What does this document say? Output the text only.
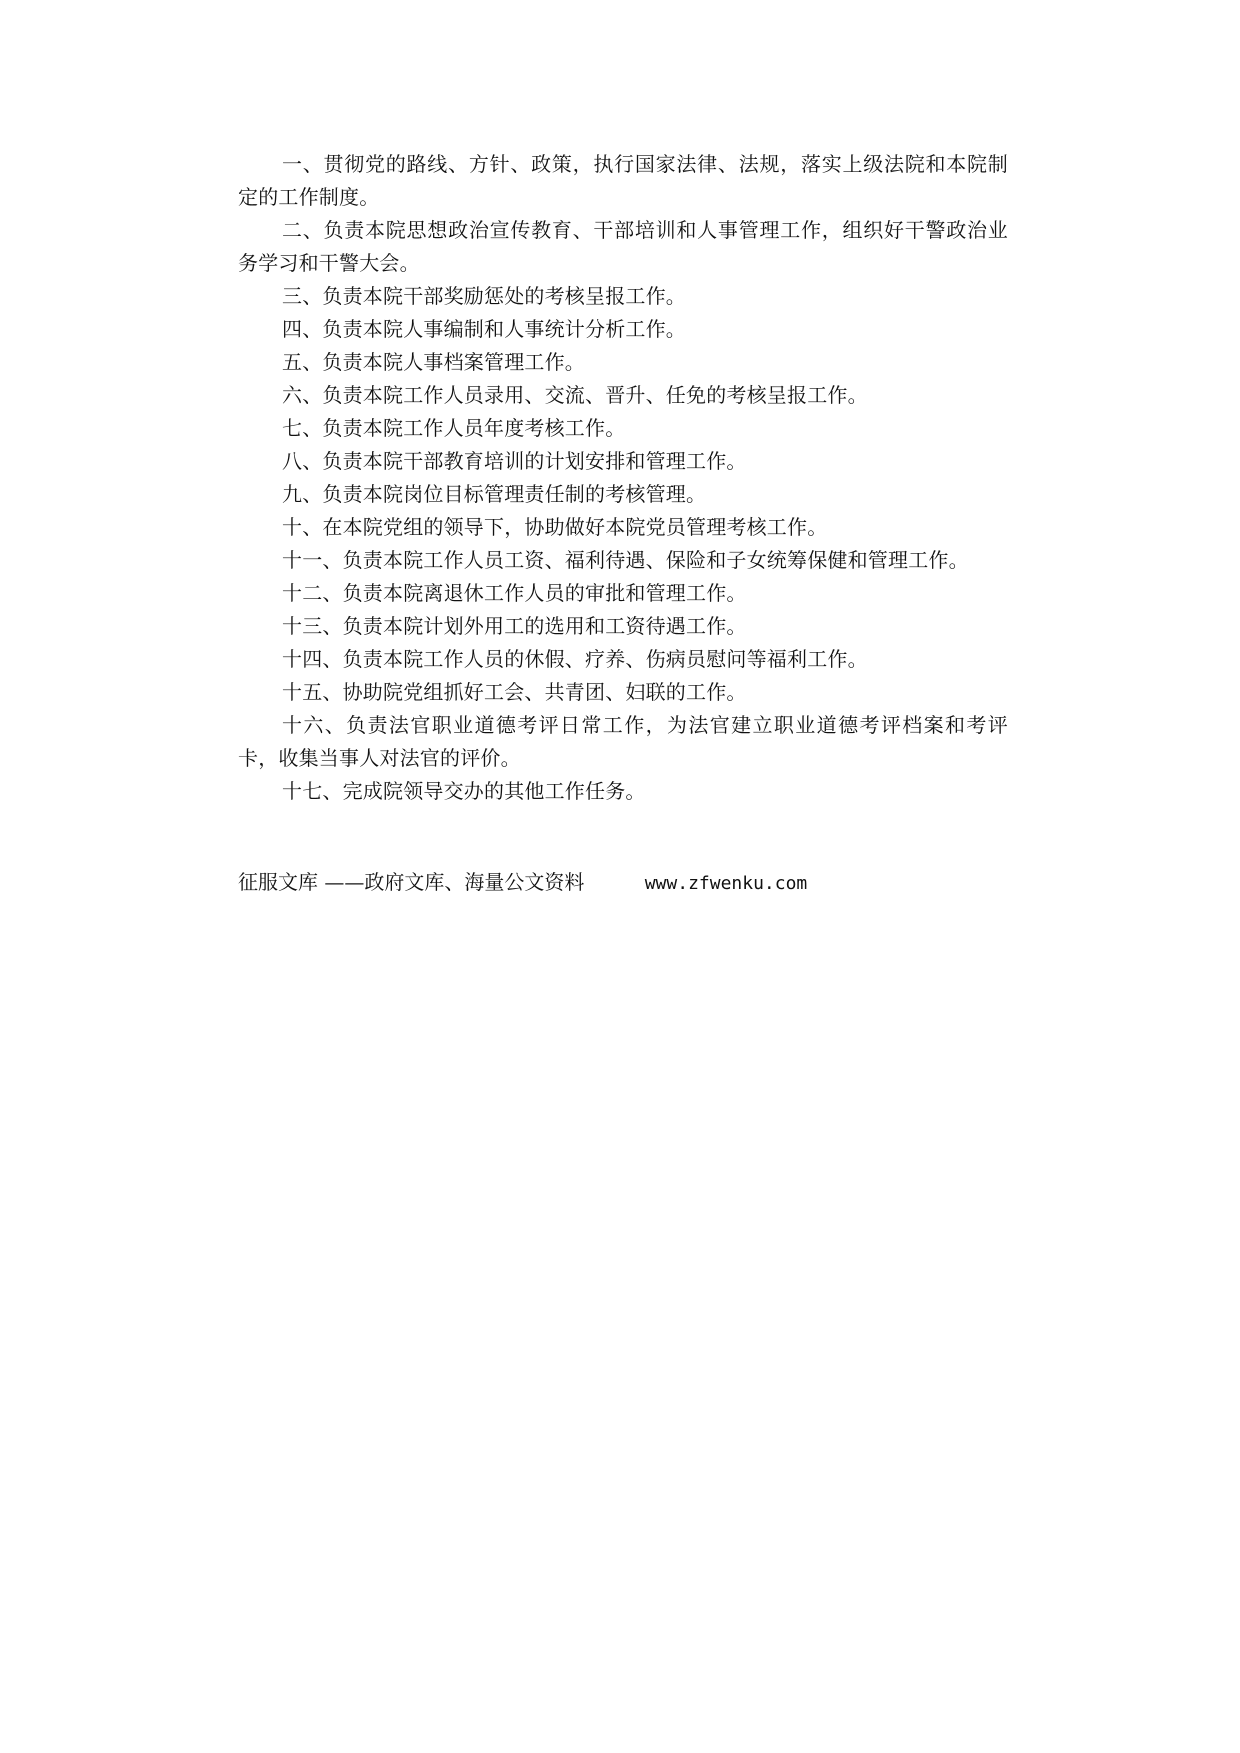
一、贯彻党的路线、方针、政策，执行国家法律、法规，落实上级法院和本院制定的工作制度。

二、负责本院思想政治宣传教育、干部培训和人事管理工作，组织好干警政治业务学习和干警大会。

三、负责本院干部奖励惩处的考核呈报工作。

四、负责本院人事编制和人事统计分析工作。

五、负责本院人事档案管理工作。

六、负责本院工作人员录用、交流、晋升、任免的考核呈报工作。

七、负责本院工作人员年度考核工作。

八、负责本院干部教育培训的计划安排和管理工作。

九、负责本院岗位目标管理责任制的考核管理。

十、在本院党组的领导下，协助做好本院党员管理考核工作。

十一、负责本院工作人员工资、福利待遇、保险和子女统筹保健和管理工作。

十二、负责本院离退休工作人员的审批和管理工作。

十三、负责本院计划外用工的选用和工资待遇工作。

十四、负责本院工作人员的休假、疗养、伤病员慰问等福利工作。

十五、协助院党组抓好工会、共青团、妇联的工作。

十六、负责法官职业道德考评日常工作，为法官建立职业道德考评档案和考评卡，收集当事人对法官的评价。

十七、完成院领导交办的其他工作任务。

征服文库 ——政府文库、海量公文资料	www.zfwenku.com
